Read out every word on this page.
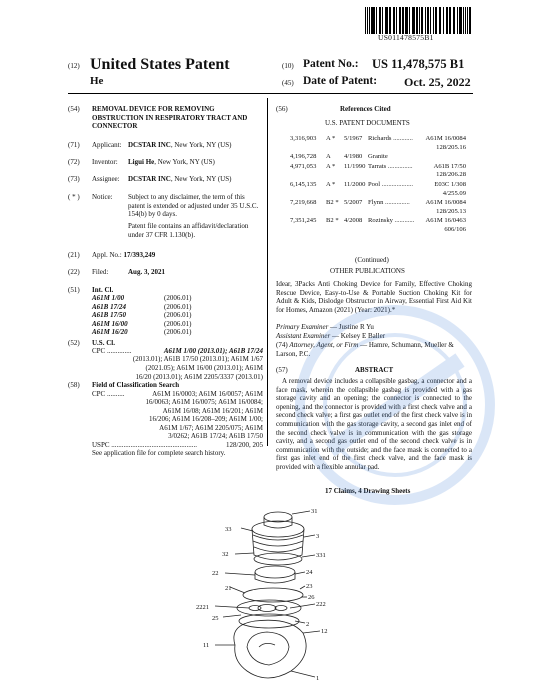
US011478575B1
(12) United States Patent
He
(10) Patent No.: US 11,478,575 B1
(45) Date of Patent: Oct. 25, 2022
(54) REMOVAL DEVICE FOR REMOVING OBSTRUCTION IN RESPIRATORY TRACT AND CONNECTOR
(71) Applicant: DCSTAR INC, New York, NY (US)
(72) Inventor: Ligui He, New York, NY (US)
(73) Assignee: DCSTAR INC, New York, NY (US)
( * ) Notice: Subject to any disclaimer, the term of this patent is extended or adjusted under 35 U.S.C. 154(b) by 0 days.
Patent file contains an affidavit/declaration under 37 CFR 1.130(b).
(21) Appl. No.: 17/393,249
(22) Filed:	Aug. 3, 2021
(51) Int. Cl.
A61M 1/00	(2006.01)
A61B 17/24	(2006.01)
A61B 17/50	(2006.01)
A61M 16/00	(2006.01)
A61M 16/20	(2006.01)
(52) U.S. Cl.
CPC ..............	A61M 1/00 (2013.01); A61B 17/24
(2013.01); A61B 17/50 (2013.01); A61M 1/67
(2021.05); A61M 16/00 (2013.01); A61M
16/20 (2013.01); A61M 2205/3337 (2013.01)
(58) Field of Classification Search
CPC ..........	A61M 16/0003; A61M 16/0057; A61M
16/0063; A61M 16/0075; A61M 16/0084;
A61M 16/08; A61M 16/201; A61M
16/206; A61M 16/208–209; A61M 1/00;
A61M 1/67; A61M 2205/075; A61M
3/0262; A61B 17/24; A61B 17/50
USPC .................................................	128/200, 205
See application file for complete search history.
(56)	References Cited
U.S. PATENT DOCUMENTS
3,316,903	A *	5/1967 Richards ............	A61M 16/0084
128/205.16
4,196,728	A	4/1980 Granite
4,971,053	A *	11/1990 Tarrats ...............	A61B 17/50
128/206.28
6,145,135	A *	11/2000 Pool ...................	E03C 1/308
4/255.09
7,219,668	B2 * 5/2007 Flynn ...............	A61M 16/0084
128/205.13
7,351,245	B2 * 4/2008 Rozinsky ............	A61M 16/0463
606/106
(Continued)
OTHER PUBLICATIONS
Idear, 3Packs Anti Choking Device for Family, Effective Choking Rescue Device, Easy-to-Use & Portable Suction Choking Kit for Adult & Kids, Dislodge Obstructor in Airway, Essential First Aid Kit for Homes, Amazon (2021) (Year: 2021).*
Primary Examiner — Justine R Yu
Assistant Examiner — Kelsey E Baller
(74) Attorney, Agent, or Firm — Hamre, Schumann, Mueller & Larson, P.C.
(57)	ABSTRACT
A removal device includes a collapsible gasbag, a connector and a face mask, wherein the collapsible gasbag is provided with a gas storage cavity and an opening; the connector is connected to the opening, and the connector is provided with a first check valve and a second check valve; a first gas outlet end of the first check valve is in communication with the gas storage cavity, a second gas inlet end of the second check valve is in communication with the gas storage cavity, and a second gas outlet end of the second check valve is in communication with the outside; and the face mask is connected to a first gas inlet end of the first check valve, and the face mask is provided with a flexible annular pad.
17 Claims, 4 Drawing Sheets
31
33
3
331
32
22	24
23
26
222
2221
21
25
2
11
12
1
